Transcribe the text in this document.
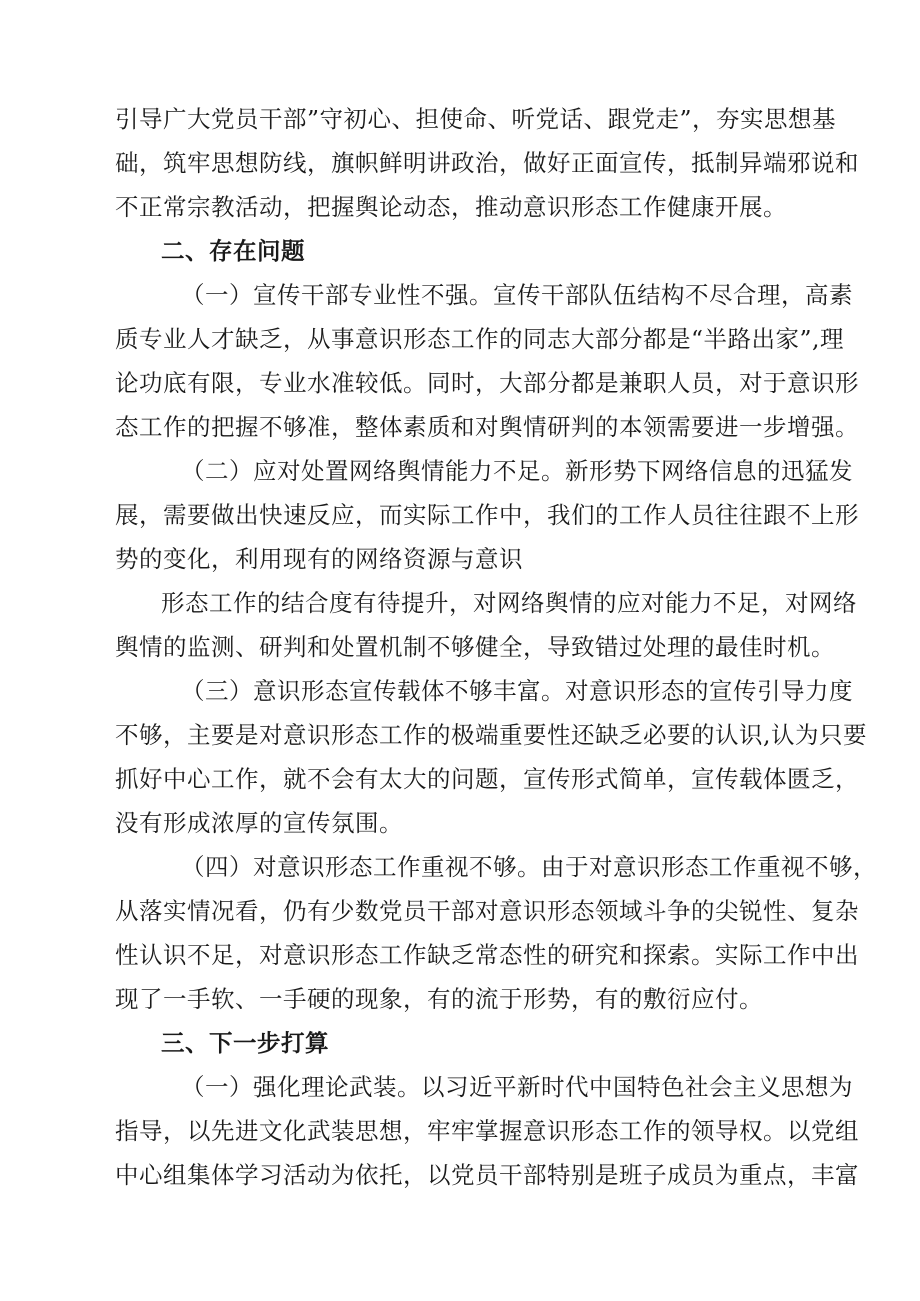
引导广大党员干部”守初心、担使命、听党话、跟党走”，夯实思想基
础，筑牢思想防线，旗帜鲜明讲政治，做好正面宣传，抵制异端邪说和
不正常宗教活动，把握舆论动态，推动意识形态工作健康开展。
二、存在问题
（一）宣传干部专业性不强。宣传干部队伍结构不尽合理，高素
质专业人才缺乏，从事意识形态工作的同志大部分都是“半路出家”,理
论功底有限，专业水准较低。同时，大部分都是兼职人员，对于意识形
态工作的把握不够准，整体素质和对舆情研判的本领需要进一步增强。
（二）应对处置网络舆情能力不足。新形势下网络信息的迅猛发
展，需要做出快速反应，而实际工作中，我们的工作人员往往跟不上形
势的变化，利用现有的网络资源与意识
形态工作的结合度有待提升，对网络舆情的应对能力不足，对网络
舆情的监测、研判和处置机制不够健全，导致错过处理的最佳时机。
（三）意识形态宣传载体不够丰富。对意识形态的宣传引导力度
不够，主要是对意识形态工作的极端重要性还缺乏必要的认识,认为只要
抓好中心工作，就不会有太大的问题，宣传形式简单，宣传载体匮乏，
没有形成浓厚的宣传氛围。
（四）对意识形态工作重视不够。由于对意识形态工作重视不够，
从落实情况看，仍有少数党员干部对意识形态领域斗争的尖锐性、复杂
性认识不足，对意识形态工作缺乏常态性的研究和探索。实际工作中出
现了一手软、一手硬的现象，有的流于形势，有的敷衍应付。
三、下一步打算
（一）强化理论武装。以习近平新时代中国特色社会主义思想为
指导，以先进文化武装思想，牢牢掌握意识形态工作的领导权。以党组
中心组集体学习活动为依托，以党员干部特别是班子成员为重点，丰富
